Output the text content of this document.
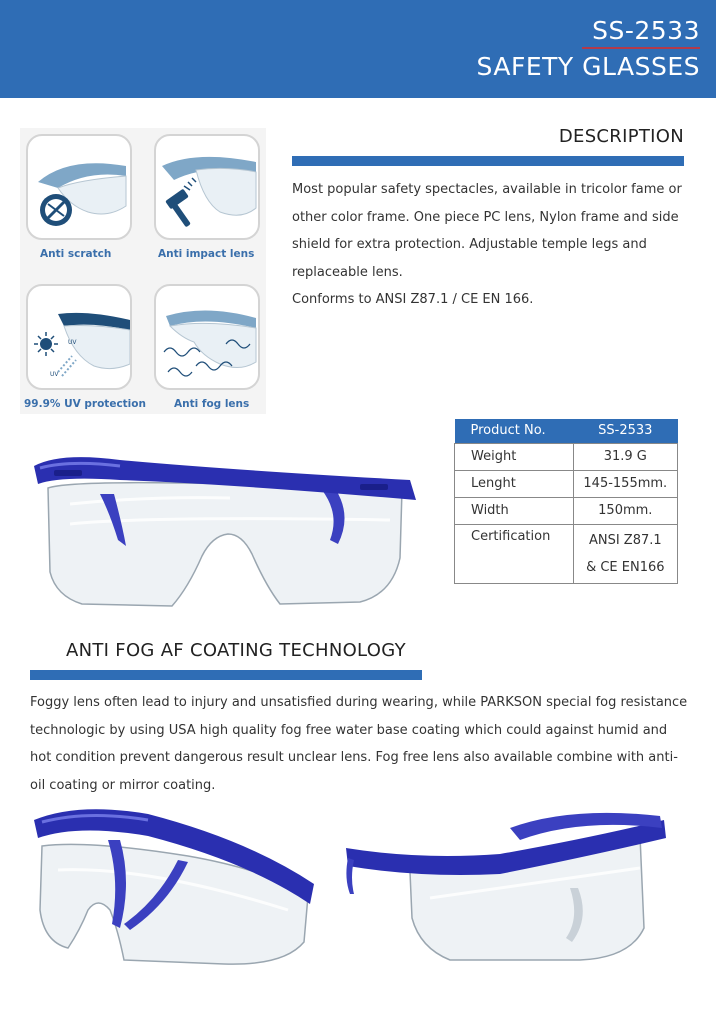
SS-2533
SAFETY GLASSES
Anti scratch	Anti impact lens
UV
UV
99.9% UV protection	Anti fog lens
DESCRIPTION

Most popular safety spectacles, available in tricolor fame or other color frame. One piece PC lens, Nylon frame and side shield for extra protection. Adjustable temple legs and replaceable lens.

Conforms to ANSI Z87.1 / CE EN 166.

Product No.	SS-2533
Weight	31.9 G
Lenght	145-155mm.
Width	150mm.
Certification	ANSI Z87.1
& CE EN166
ANTI FOG AF COATING TECHNOLOGY
Foggy lens often lead to injury and unsatisfied during wearing, while PARKSON special fog resistance technologic by using USA high quality fog free water base coating which could against humid and hot condition prevent dangerous result unclear lens. Fog free lens also available combine with anti-oil coating or mirror coating.
